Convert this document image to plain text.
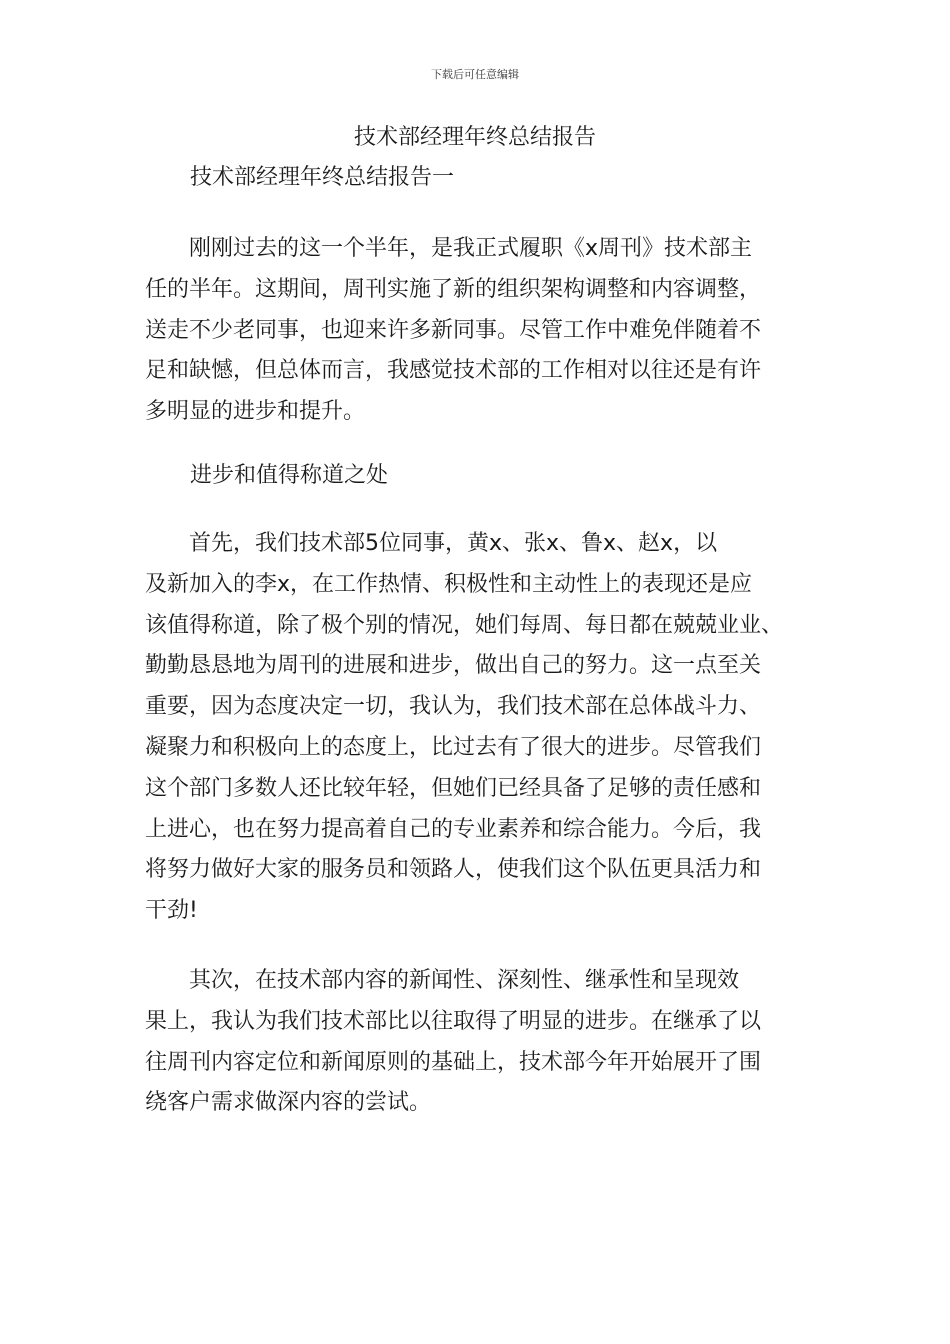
下载后可任意编辑
技术部经理年终总结报告
技术部经理年终总结报告一
　　刚刚过去的这一个半年，是我正式履职《x周刊》技术部主
任的半年。这期间，周刊实施了新的组织架构调整和内容调整，
送走不少老同事，也迎来许多新同事。尽管工作中难免伴随着不
足和缺憾，但总体而言，我感觉技术部的工作相对以往还是有许
多明显的进步和提升。
进步和值得称道之处
　　首先，我们技术部5位同事，黄x、张x、鲁x、赵x，以
及新加入的李x，在工作热情、积极性和主动性上的表现还是应
该值得称道，除了极个别的情况，她们每周、每日都在兢兢业业、
勤勤恳恳地为周刊的进展和进步，做出自己的努力。这一点至关
重要，因为态度决定一切，我认为，我们技术部在总体战斗力、
凝聚力和积极向上的态度上，比过去有了很大的进步。尽管我们
这个部门多数人还比较年轻，但她们已经具备了足够的责任感和
上进心，也在努力提高着自己的专业素养和综合能力。今后，我
将努力做好大家的服务员和领路人，使我们这个队伍更具活力和
干劲!
　　其次，在技术部内容的新闻性、深刻性、继承性和呈现效
果上，我认为我们技术部比以往取得了明显的进步。在继承了以
往周刊内容定位和新闻原则的基础上，技术部今年开始展开了围
绕客户需求做深内容的尝试。
